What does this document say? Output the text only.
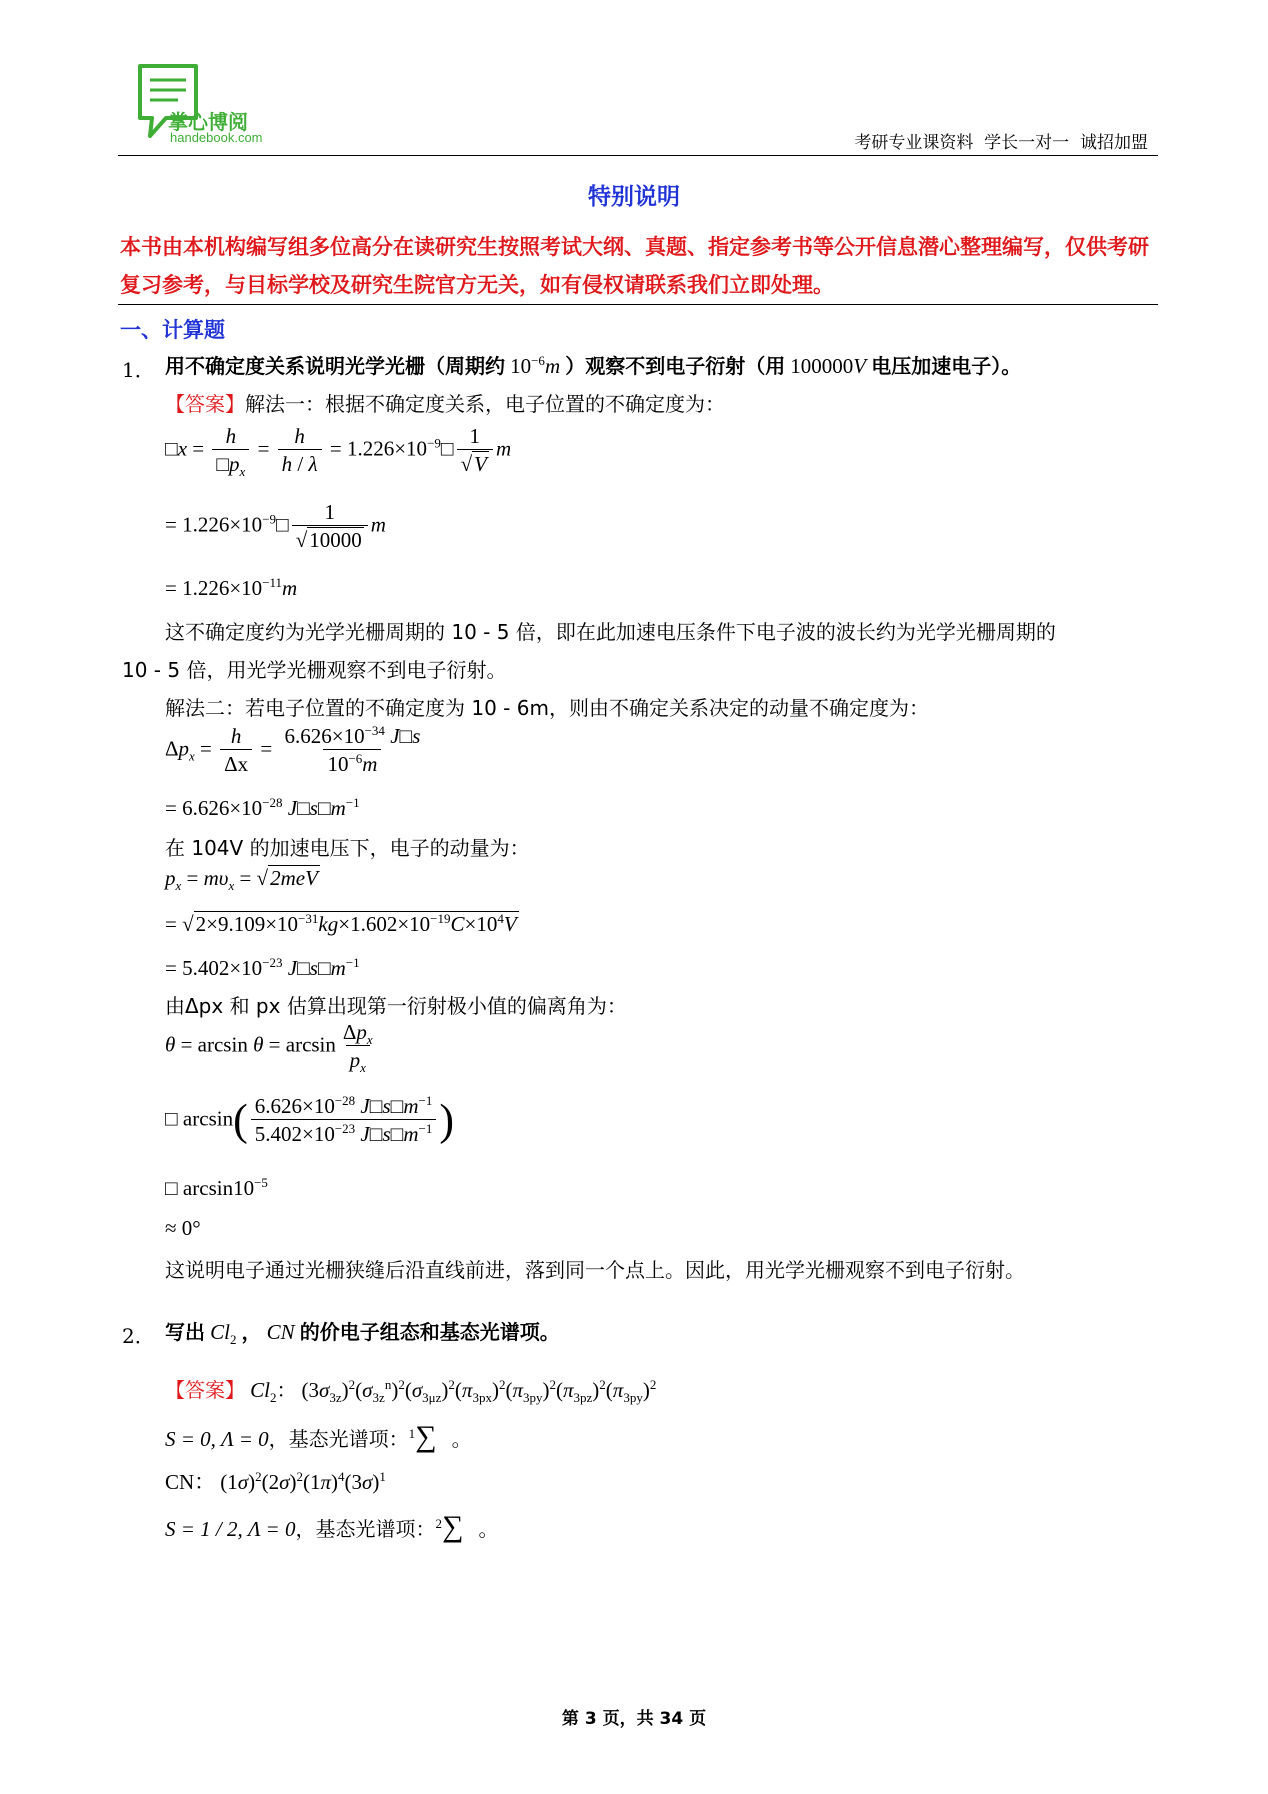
掌心博阅
handebook.com	考研专业课资料  学长一对一  诚招加盟
特别说明
本书由本机构编写组多位高分在读研究生按照考试大纲、真题、指定参考书等公开信息潜心整理编写，仅供考研复习参考，与目标学校及研究生院官方无关，如有侵权请联系我们立即处理。
一、计算题
1． 用不确定度关系说明光学光栅（周期约 $10^{-6}m$ ）观察不到电子衍射（用 100000V 电压加速电子）。
【答案】解法一：根据不确定度关系，电子位置的不确定度为：
□x = $\frac{h}{□p_x} = \frac{h}{h / \lambda}$ = $1.226\times 10^{-9}□ \frac{1}{√V}$ m
= $1.226\times 10^{-9}□ \frac{1}{√10000}$ m
= $1.226\times 10^{-11}m$
这不确定度约为光学光栅周期的 10 - 5 倍，即在此加速电压条件下电子波的波长约为光学光栅周期的
10 - 5 倍，用光学光栅观察不到电子衍射。
解法二：若电子位置的不确定度为 10 - 6m，则由不确定关系决定的动量不确定度为：
$\Delta p_x = \frac{h}{\Delta x} = \frac{6.626\times 10^{-34} J□s}{10^{-6}m}$
= $6.626\times 10^{-28}$ $J□s□m^{-1}$
在 104V 的加速电压下，电子的动量为：
$p_x = m\upsilon_x = √2meV$
= $√2\times 9.109\times 10^{-31}kg\times 1.602\times 10^{-19}C\times 10^4V$
= $5.402\times 10^{-23}$ $J□s□m^{-1}$
由Δpx 和 px 估算出现第一衍射极小值的偏离角为：
$\theta = \arcsin \theta = \arcsin \frac{\Delta p_x}{p_x}$
□ $\arcsin( \frac{6.626\times 10^{-28} J□s□m^{-1}}{5.402\times 10^{-23} J□s□m^{-1}}$ )
□ $\arcsin 10^{-5}$
≈ 0°
这说明电子通过光栅狭缝后沿直线前进，落到同一个点上。因此，用光学光栅观察不到电子衍射。
2． 写出 $Cl_2$ ， CN 的价电子组态和基态光谱项。
【答案】 $Cl_2$： $(3\sigma_{3z})^2(\sigma_{3z}^n)^2(\sigma_{3\mu z})^2(\pi_{3px})^2(\pi_{3py})^2(\pi_{3pz})^2(\pi_{3py})^2$
S = 0, Λ = 0，基态光谱项：$^1$∑ 。
CN： $(1\sigma)^2(2\sigma)^2(1\pi)^4(3\sigma)^1$
S = 1 / 2, Λ = 0，基态光谱项：$^2$∑ 。
第 3 页，共 34 页
